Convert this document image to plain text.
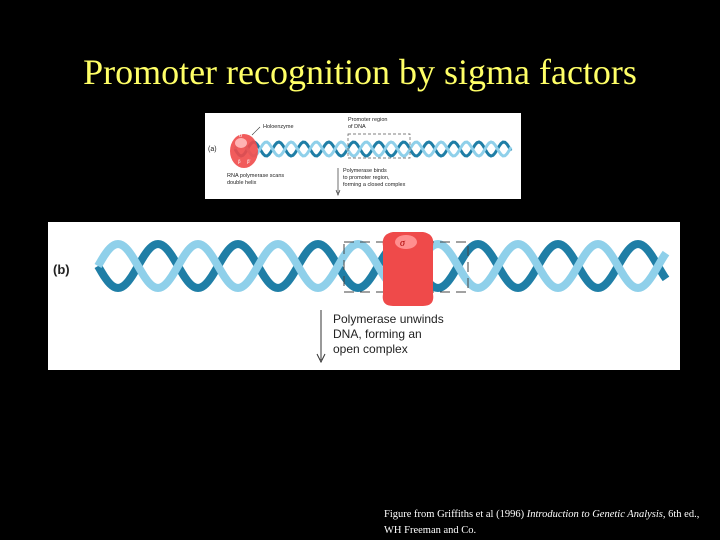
Promoter recognition by sigma factors
(a)
σ
β β'
Holoenzyme
Promoter region
of DNA
RNA polymerase scans
double helix
Polymerase binds
to promoter region,
forming a closed complex
(b)
σ
Polymerase unwinds
DNA, forming an
open complex
Figure from Griffiths et al (1996) Introduction to Genetic Analysis, 6th ed., WH Freeman and Co.
